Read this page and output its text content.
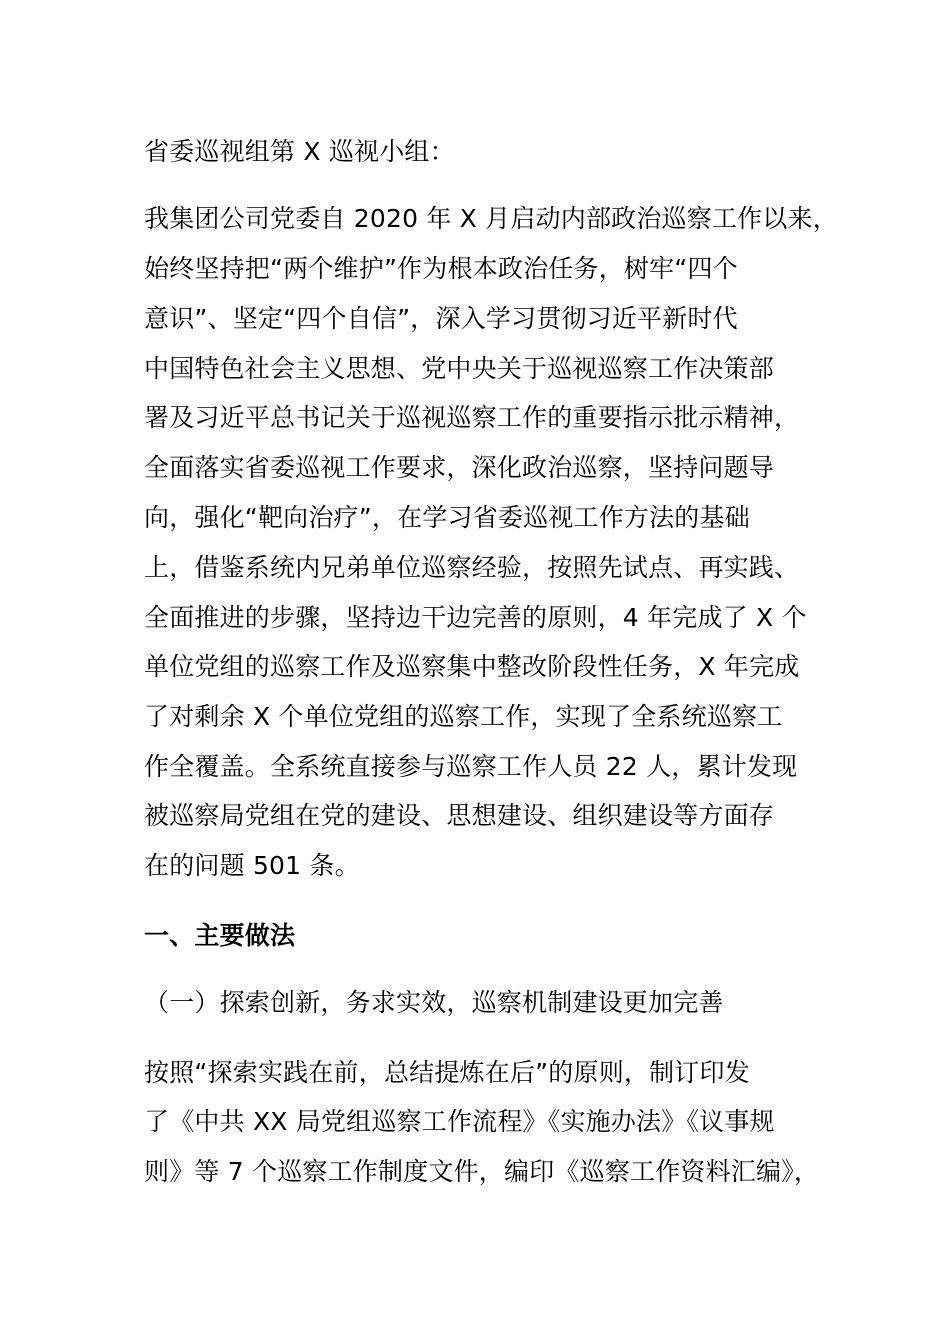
省委巡视组第 X 巡视小组：
我集团公司党委自 2020 年 X 月启动内部政治巡察工作以来，
始终坚持把“两个维护”作为根本政治任务，树牢“四个
意识”、坚定“四个自信”，深入学习贯彻习近平新时代
中国特色社会主义思想、党中央关于巡视巡察工作决策部
署及习近平总书记关于巡视巡察工作的重要指示批示精神，
全面落实省委巡视工作要求，深化政治巡察，坚持问题导
向，强化“靶向治疗”，在学习省委巡视工作方法的基础
上，借鉴系统内兄弟单位巡察经验，按照先试点、再实践、
全面推进的步骤，坚持边干边完善的原则，4 年完成了 X 个
单位党组的巡察工作及巡察集中整改阶段性任务，X 年完成
了对剩余 X 个单位党组的巡察工作，实现了全系统巡察工
作全覆盖。全系统直接参与巡察工作人员 22 人，累计发现
被巡察局党组在党的建设、思想建设、组织建设等方面存
在的问题 501 条。
一、主要做法
（一）探索创新，务求实效，巡察机制建设更加完善
按照“探索实践在前，总结提炼在后”的原则，制订印发
了《中共 XX 局党组巡察工作流程》《实施办法》《议事规
则》等 7 个巡察工作制度文件，编印《巡察工作资料汇编》，
